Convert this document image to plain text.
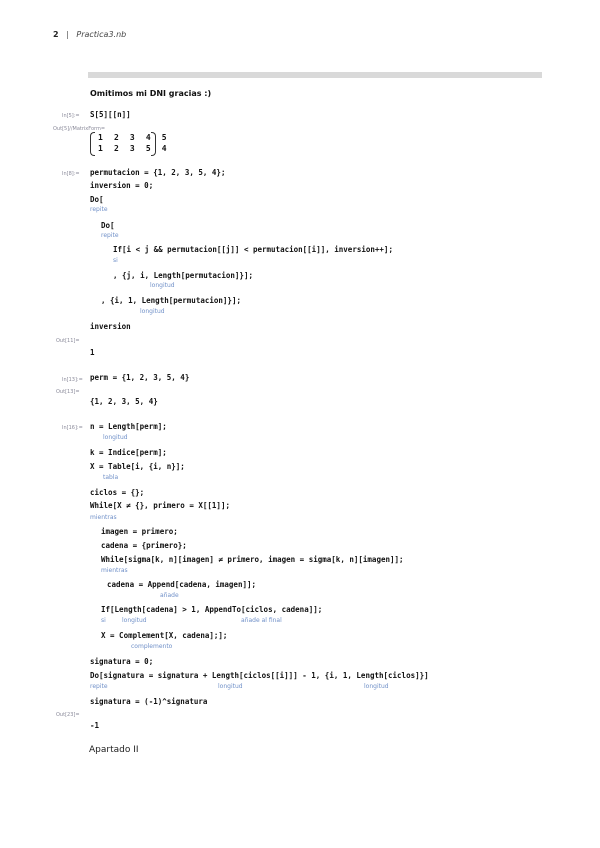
2 | Practica3.nb
Omitimos mi DNI gracias :)
In[5]:= S[5][[n]]
Out[5]//MatrixForm=
1  2  3  4  5
1  2  3  5  4
In[8]:= permutacion = {1, 2, 3, 5, 4};
inversion = 0;
Do[
repite
Do[
repite
If[i < j && permutacion[[j]] < permutacion[[i]], inversion++];
si
, {j, i, Length[permutacion]}];
longitud
, {i, 1, Length[permutacion]}];
longitud
inversion
Out[11]=
1
In[13]:= perm = {1, 2, 3, 5, 4}
Out[13]=
{1, 2, 3, 5, 4}
In[16]:= n = Length[perm];
longitud
k = Indice[perm];
X = Table[i, {i, n}];
tabla
ciclos = {};
While[X ≠ {}, primero = X[[1]];
mientras
imagen = primero;
cadena = {primero};
While[sigma[k, n][imagen] ≠ primero, imagen = sigma[k, n][imagen]];
mientras
cadena = Append[cadena, imagen]];
añade
If[Length[cadena] > 1, AppendTo[ciclos, cadena]];
si	longitud	añade al final
X = Complement[X, cadena];];
complemento
signatura = 0;
Do[signatura = signatura + Length[ciclos[[i]]] - 1, {i, 1, Length[ciclos]}]
repite	longitud	longitud
signatura = (-1)^signatura
Out[23]=
-1
Apartado II
